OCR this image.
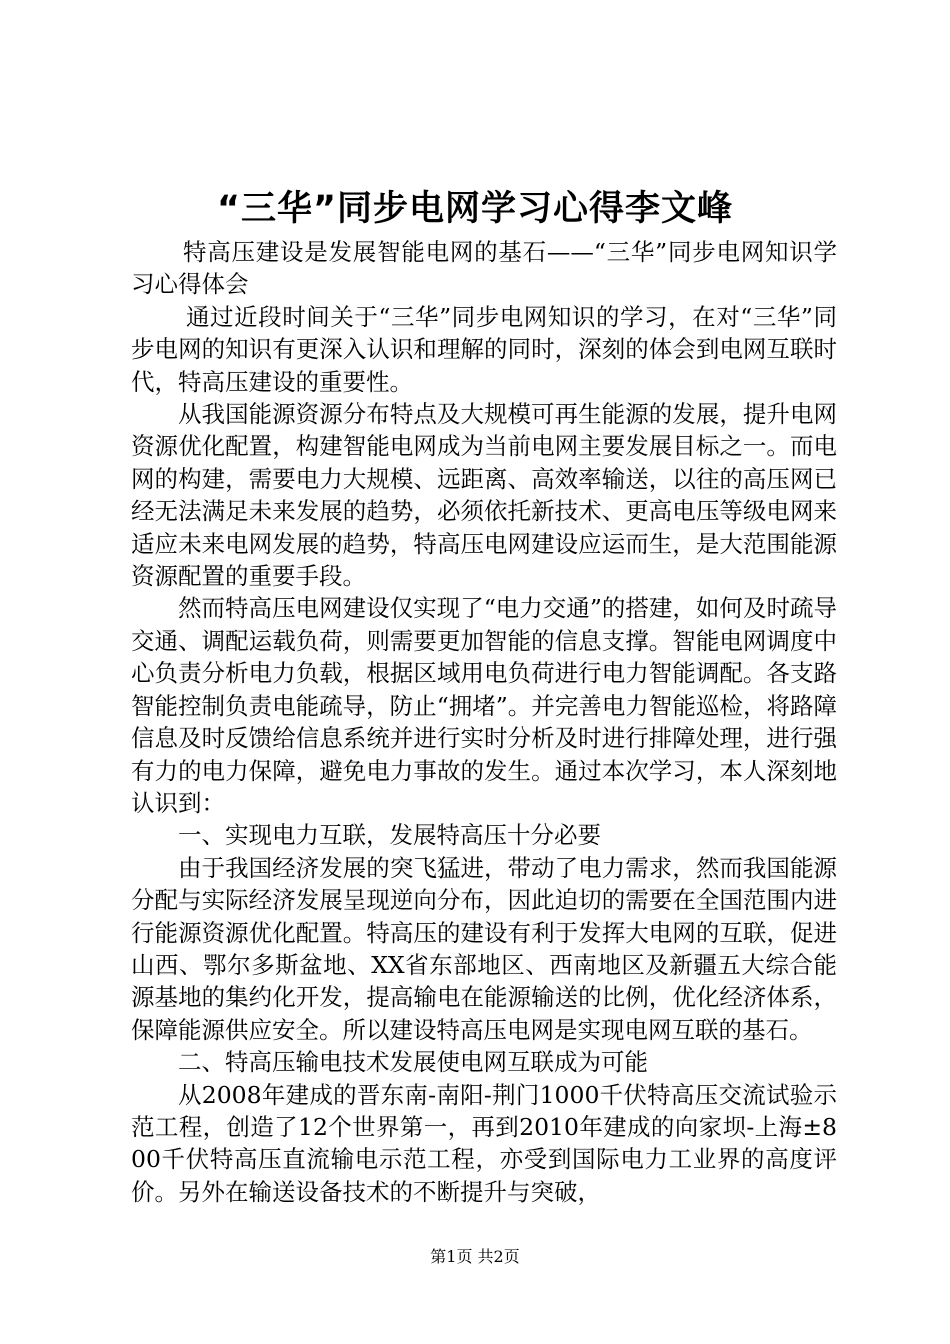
“三华”同步电网学习心得李文峰

特高压建设是发展智能电网的基石——“三华”同步电网知识学习心得体会

通过近段时间关于“三华”同步电网知识的学习，在对“三华”同步电网的知识有更深入认识和理解的同时，深刻的体会到电网互联时代，特高压建设的重要性。

从我国能源资源分布特点及大规模可再生能源的发展，提升电网资源优化配置，构建智能电网成为当前电网主要发展目标之一。而电网的构建，需要电力大规模、远距离、高效率输送，以往的高压网已经无法满足未来发展的趋势，必须依托新技术、更高电压等级电网来适应未来电网发展的趋势，特高压电网建设应运而生，是大范围能源资源配置的重要手段。

然而特高压电网建设仅实现了“电力交通”的搭建，如何及时疏导交通、调配运载负荷，则需要更加智能的信息支撑。智能电网调度中心负责分析电力负载，根据区域用电负荷进行电力智能调配。各支路智能控制负责电能疏导，防止“拥堵”。并完善电力智能巡检，将路障信息及时反馈给信息系统并进行实时分析及时进行排障处理，进行强有力的电力保障，避免电力事故的发生。通过本次学习，本人深刻地认识到：

一、实现电力互联，发展特高压十分必要

由于我国经济发展的突飞猛进，带动了电力需求，然而我国能源分配与实际经济发展呈现逆向分布，因此迫切的需要在全国范围内进行能源资源优化配置。特高压的建设有利于发挥大电网的互联，促进山西、鄂尔多斯盆地、XX省东部地区、西南地区及新疆五大综合能源基地的集约化开发，提高输电在能源输送的比例，优化经济体系，保障能源供应安全。所以建设特高压电网是实现电网互联的基石。

二、特高压输电技术发展使电网互联成为可能

从2008年建成的晋东南-南阳-荆门1000千伏特高压交流试验示范工程，创造了12个世界第一，再到2010年建成的向家坝-上海±800千伏特高压直流输电示范工程，亦受到国际电力工业界的高度评价。另外在输送设备技术的不断提升与突破，

第1页 共2页
